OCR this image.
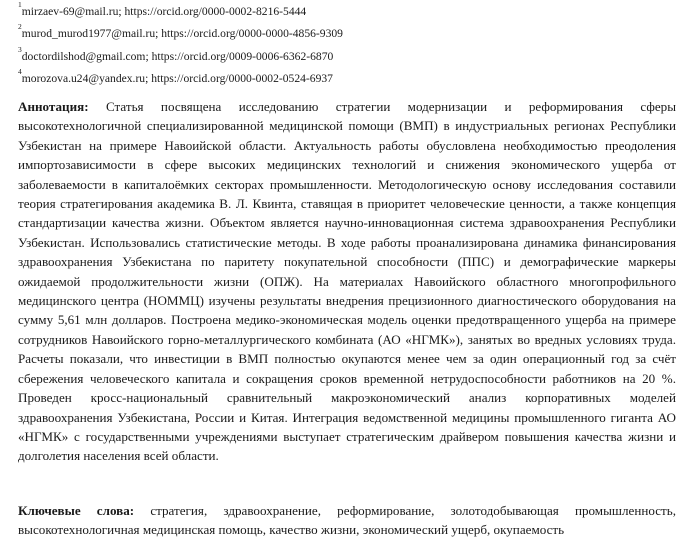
$^1$mirzaev-69@mail.ru; https://orcid.org/0000-0002-8216-5444
$^2$murod_murod1977@mail.ru; https://orcid.org/0000-0000-4856-9309
$^3$doctordilshod@gmail.com; https://orcid.org/0009-0006-6362-6870
$^4$morozova.u24@yandex.ru; https://orcid.org/0000-0002-0524-6937

Аннотация: Статья посвящена исследованию стратегии модернизации и реформирования сферы высокотехнологичной специализированной медицинской помощи (ВМП) в индустриальных регионах Республики Узбекистан на примере Навоийской области. Актуальность работы обусловлена необходимостью преодоления импортозависимости в сфере высоких медицинских технологий и снижения экономического ущерба от заболеваемости в капиталоёмких секторах промышленности. Методологическую основу исследования составили теория стратегирования академика В. Л. Квинта, ставящая в приоритет человеческие ценности, а также концепция стандартизации качества жизни. Объектом является научно-инновационная система здравоохранения Республики Узбекистан. Использовались статистические методы. В ходе работы проанализирована динамика финансирования здравоохранения Узбекистана по паритету покупательной способности (ППС) и демографические маркеры ожидаемой продолжительности жизни (ОПЖ). На материалах Навоийского областного многопрофильного медицинского центра (НОММЦ) изучены результаты внедрения прецизионного диагностического оборудования на сумму 5,61 млн долларов. Построена медико-экономическая модель оценки предотвращенного ущерба на примере сотрудников Навоийского горно-металлургического комбината (АО «НГМК»), занятых во вредных условиях труда. Расчеты показали, что инвестиции в ВМП полностью окупаются менее чем за один операционный год за счёт сбережения человеческого капитала и сокращения сроков временной нетрудоспособности работников на 20 %. Проведен кросс-национальный сравнительный макроэкономический анализ корпоративных моделей здравоохранения Узбекистана, России и Китая. Интеграция ведомственной медицины промышленного гиганта АО «НГМК» с государственными учреждениями выступает стратегическим драйвером повышения качества жизни и долголетия населения всей области.

Ключевые слова: стратегия, здравоохранение, реформирование, золотодобывающая промышленность, высокотехнологичная медицинская помощь, качество жизни, экономический ущерб, окупаемость
